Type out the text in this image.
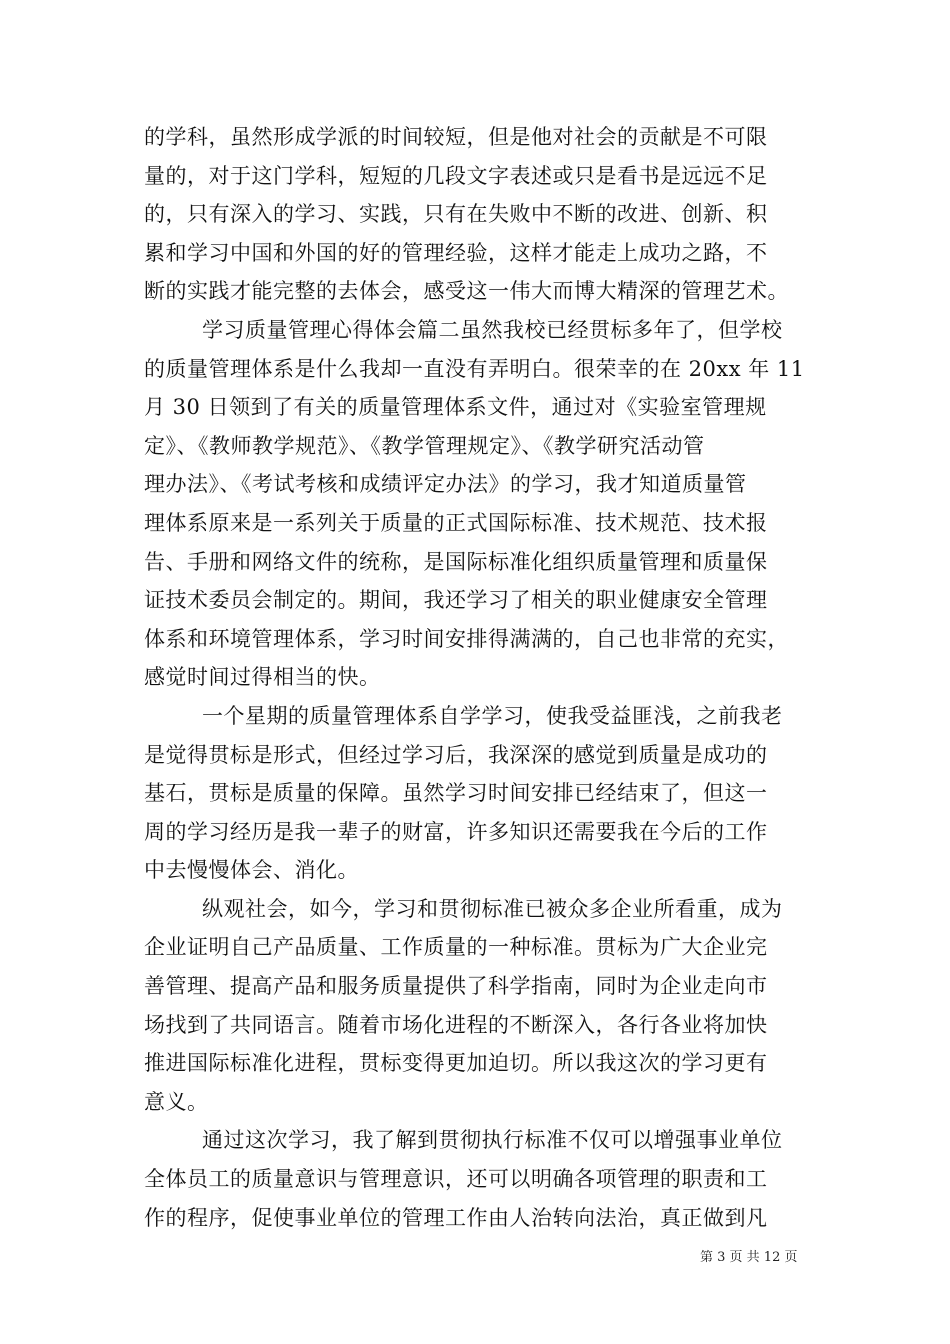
的学科，虽然形成学派的时间较短，但是他对社会的贡献是不可限
量的，对于这门学科，短短的几段文字表述或只是看书是远远不足
的，只有深入的学习、实践，只有在失败中不断的改进、创新、积
累和学习中国和外国的好的管理经验，这样才能走上成功之路，不
断的实践才能完整的去体会，感受这一伟大而博大精深的管理艺术。
学习质量管理心得体会篇二虽然我校已经贯标多年了，但学校
的质量管理体系是什么我却一直没有弄明白。很荣幸的在 20xx 年 11
月 30 日领到了有关的质量管理体系文件，通过对《实验室管理规
定》、《教师教学规范》、《教学管理规定》、《教学研究活动管
理办法》、《考试考核和成绩评定办法》的学习，我才知道质量管
理体系原来是一系列关于质量的正式国际标准、技术规范、技术报
告、手册和网络文件的统称，是国际标准化组织质量管理和质量保
证技术委员会制定的。期间，我还学习了相关的职业健康安全管理
体系和环境管理体系，学习时间安排得满满的，自己也非常的充实，
感觉时间过得相当的快。
一个星期的质量管理体系自学学习，使我受益匪浅，之前我老
是觉得贯标是形式，但经过学习后，我深深的感觉到质量是成功的
基石，贯标是质量的保障。虽然学习时间安排已经结束了，但这一
周的学习经历是我一辈子的财富，许多知识还需要我在今后的工作
中去慢慢体会、消化。
纵观社会，如今，学习和贯彻标准已被众多企业所看重，成为
企业证明自己产品质量、工作质量的一种标准。贯标为广大企业完
善管理、提高产品和服务质量提供了科学指南，同时为企业走向市
场找到了共同语言。随着市场化进程的不断深入，各行各业将加快
推进国际标准化进程，贯标变得更加迫切。所以我这次的学习更有
意义。
通过这次学习，我了解到贯彻执行标准不仅可以增强事业单位
全体员工的质量意识与管理意识，还可以明确各项管理的职责和工
作的程序，促使事业单位的管理工作由人治转向法治，真正做到凡
第 3 页 共 12 页
